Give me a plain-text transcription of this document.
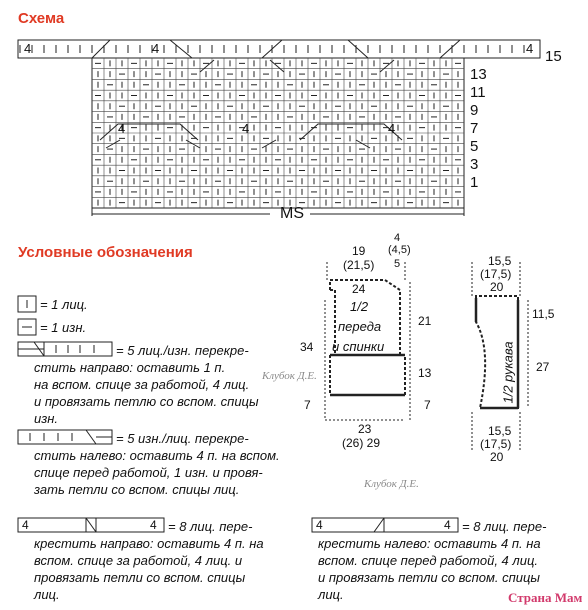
Схема
Условные обозначения
4	4	4 15
13
11
9
7
5
3
1
MS
4	4	4
= 1 лиц.
= 1 изн.
= 5 лиц./изн. перекре-
стить направо: оставить 1 п.
на вспом. спице за работой, 4 лиц.
и провязать петлю со вспом. спицы
изн.
= 5 изн./лиц. перекре-
стить налево: оставить 4 п. на вспом.
спице перед работой, 1 изн. и провя-
зать петли со вспом. спицы лиц.
4	4 = 8 лиц. пере-
крестить направо: оставить 4 п. на
вспом. спице за работой, 4 лиц. и
провязать петли со вспом. спицы
лиц.
4	4 = 8 лиц. пере-
крестить налево: оставить 4 п. на
вспом. спице перед работой, 4 лиц.
и провязать петли со вспом. спицы
лиц.
19
(21,5)
4
(4,5)
5
24
1/2
переда
и спинки
21
34
13
7	7
23
(26) 29
15,5
(17,5)
20
11,5
1/2 рукава 27
15,5
(17,5)
20
Клубок Д.Е.
Клубок Д.Е.
Страна Мам
